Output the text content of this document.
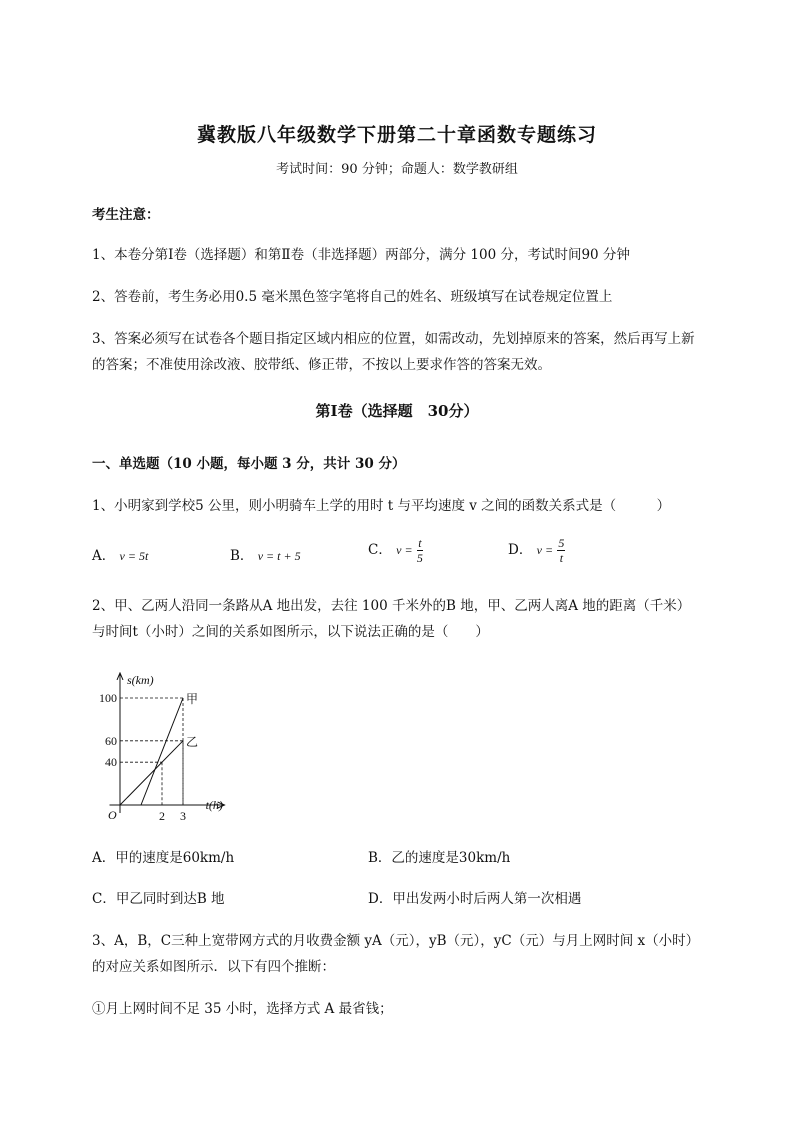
冀教版八年级数学下册第二十章函数专题练习
考试时间：90 分钟；命题人：数学教研组
考生注意：
1、本卷分第Ⅰ卷（选择题）和第Ⅱ卷（非选择题）两部分，满分 100 分，考试时间90 分钟
2、答卷前，考生务必用0.5 毫米黑色签字笔将自己的姓名、班级填写在试卷规定位置上
3、答案必须写在试卷各个题目指定区域内相应的位置，如需改动，先划掉原来的答案，然后再写上新
的答案；不准使用涂改液、胶带纸、修正带，不按以上要求作答的答案无效。
第Ⅰ卷（选择题　30分）
一、单选题（10 小题，每小题 3 分，共计 30 分）
1、小明家到学校5 公里，则小明骑车上学的用时 t 与平均速度 v 之间的函数关系式是（　　　）
A． v = 5t	B． v = t + 5	C． $v = \frac{t}{5}$	D． $v = \frac{5}{t}$
2、甲、乙两人沿同一条路从A 地出发，去往 100 千米外的B 地，甲、乙两人离A 地的距离（千米）
与时间t（小时）之间的关系如图所示，以下说法正确的是（　　）
甲
乙
40
60
100
2 3
O
t(h)
s(km)
A．甲的速度是60km/h	B．乙的速度是30km/h
C．甲乙同时到达B 地	D．甲出发两小时后两人第一次相遇
3、A，B，C三种上宽带网方式的月收费金额 yA（元），yB（元），yC（元）与月上网时间 x（小时）
的对应关系如图所示．以下有四个推断：
①月上网时间不足 35 小时，选择方式 A 最省钱；
